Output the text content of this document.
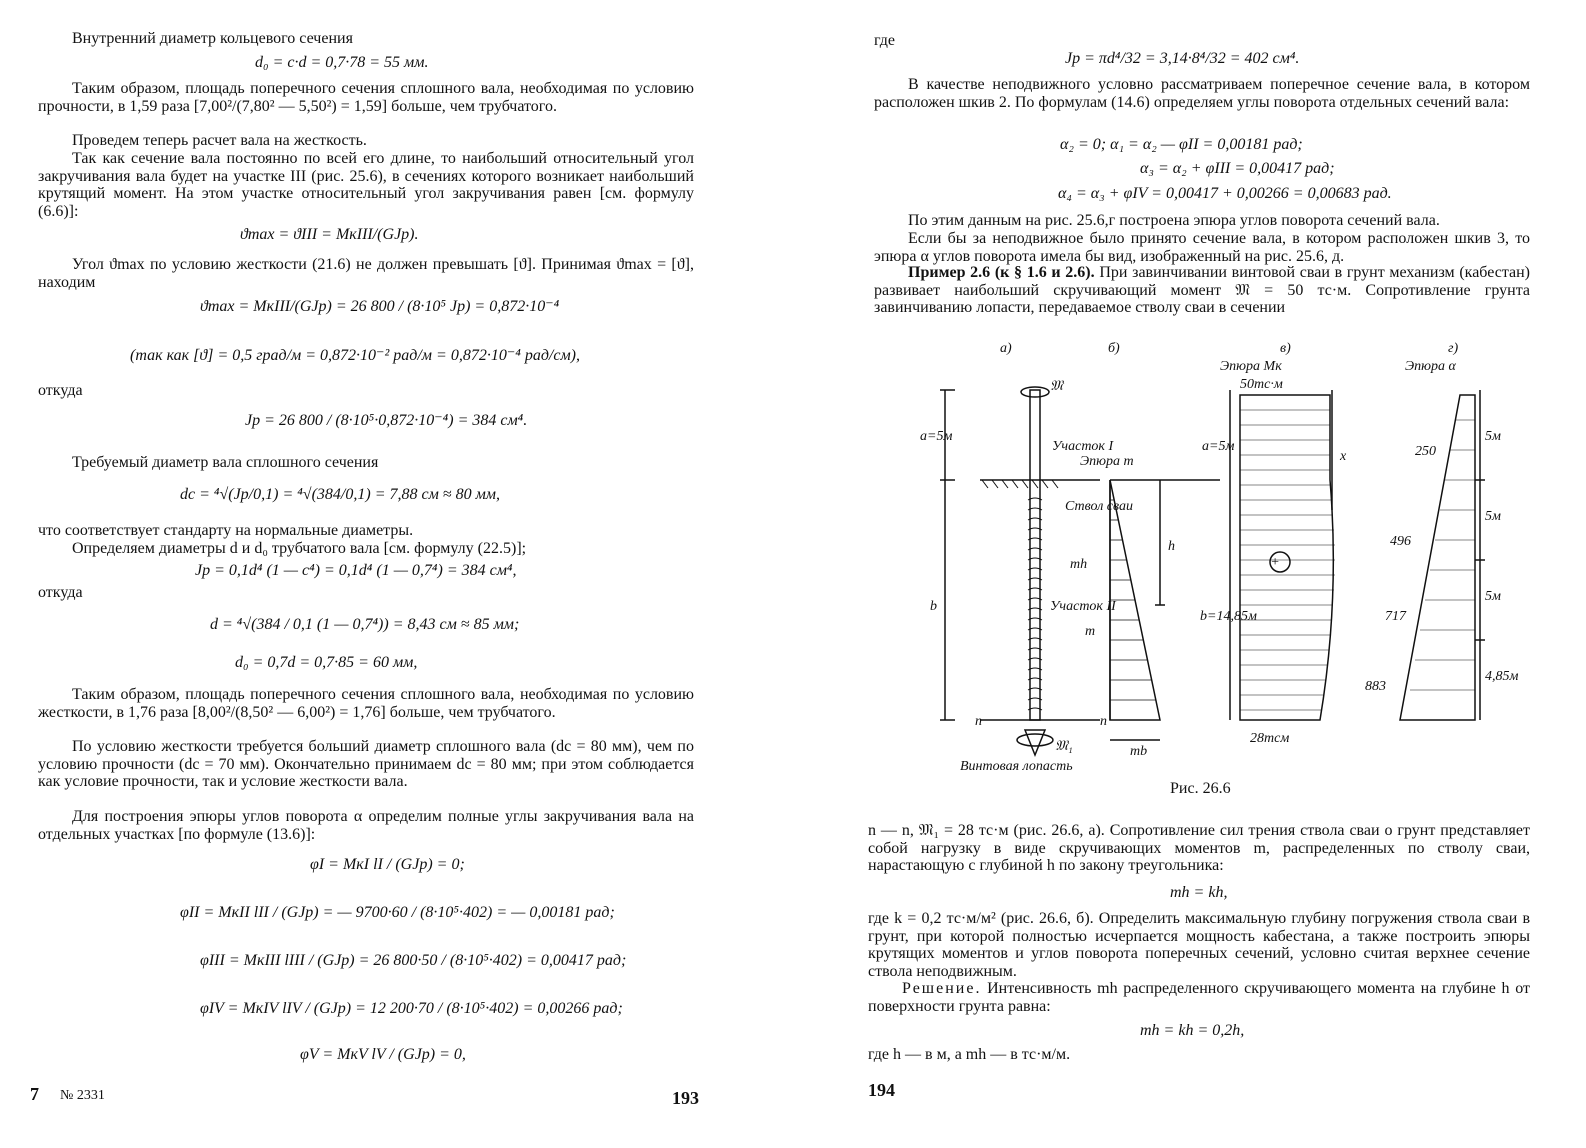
Внутренний диаметр кольцевого сечения
d₀ = c·d = 0,7·78 = 55 мм.
Таким образом, площадь поперечного сечения сплошного вала, необходимая по условию прочности, в 1,59 раза [7,00²/(7,80² — 5,50²) = 1,59] больше, чем трубчатого.
Проведем теперь расчет вала на жесткость.
Так как сечение вала постоянно по всей его длине, то наибольший относительный угол закручивания вала будет на участке III (рис. 25.6), в сечениях которого возникает наибольший крутящий момент. На этом участке относительный угол закручивания равен [см. формулу (6.6)]:
ϑmax = ϑIII = MкIII/(GJp).
Угол ϑmax по условию жесткости (21.6) не должен превышать [ϑ]. Принимая ϑmax = [ϑ], находим
ϑmax = MкIII/(GJp) = 26 800 / (8·10⁵ Jp) = 0,872·10⁻⁴
(так как [ϑ] = 0,5 град/м = 0,872·10⁻² рад/м = 0,872·10⁻⁴ рад/см),
откуда
Jp = 26 800 / (8·10⁵·0,872·10⁻⁴) = 384 см⁴.
Требуемый диаметр вала сплошного сечения
dс = ⁴√(Jp/0,1) = ⁴√(384/0,1) = 7,88 см ≈ 80 мм,
что соответствует стандарту на нормальные диаметры.
Определяем диаметры d и d₀ трубчатого вала [см. формулу (22.5)];
Jp = 0,1d⁴ (1 — c⁴) = 0,1d⁴ (1 — 0,7⁴) = 384 см⁴,
откуда
d = ⁴√(384 / 0,1 (1 — 0,7⁴)) = 8,43 см ≈ 85 мм;
d₀ = 0,7d = 0,7·85 = 60 мм,
Таким образом, площадь поперечного сечения сплошного вала, необходимая по условию жесткости, в 1,76 раза [8,00²/(8,50² — 6,00²) = 1,76] больше, чем трубчатого.
По условию жесткости требуется больший диаметр сплошного вала (dс = 80 мм), чем по условию прочности (dс = 70 мм). Окончательно принимаем dс = 80 мм; при этом соблюдается как условие прочности, так и условие жесткости вала.
Для построения эпюры углов поворота α определим полные углы закручивания вала на отдельных участках [по формуле (13.6)]:
φI = MкI lI / (GJp) = 0;
φII = MкII lII / (GJp) = — 9700·60 / (8·10⁵·402) = — 0,00181 рад;
φIII = MкIII lIII / (GJp) = 26 800·50 / (8·10⁵·402) = 0,00417 рад;
φIV = MкIV lIV / (GJp) = 12 200·70 / (8·10⁵·402) = 0,00266 рад;
φV = MкV lV / (GJp) = 0,
7 № 2331	193
где
Jp = πd⁴/32 = 3,14·8⁴/32 = 402 см⁴.
В качестве неподвижного условно рассматриваем поперечное сечение вала, в котором расположен шкив 2. По формулам (14.6) определяем углы поворота отдельных сечений вала:
α₂ = 0; α₁ = α₂ — φII = 0,00181 рад;
α₃ = α₂ + φIII = 0,00417 рад;
α₄ = α₃ + φIV = 0,00417 + 0,00266 = 0,00683 рад.
По этим данным на рис. 25.6,г построена эпюра углов поворота сечений вала.
Если бы за неподвижное было принято сечение вала, в котором расположен шкив 3, то эпюра α углов поворота имела бы вид, изображенный на рис. 25.6, д.
Пример 2.6 (к § 1.6 и 2.6). При завинчивании винтовой сваи в грунт механизм (кабестан) развивает наибольший скручивающий момент 𝔐 = 50 тс·м. Сопротивление грунта завинчиванию лопасти, передаваемое стволу сваи в сечении
а)	б)	в)	г)
Эпюра Mк
50тс·м
Эпюра α
Эпюра m
𝔐
𝔐₁
a=5м
b
a=5м
b=14,85м
x
h
Участок I
Участок II
Ствол сваи
mh
mb
m
n	n
Винтовая лопасть
+
28тсм
250
496
717
883
5м
5м
5м
4,85м
Рис. 26.6
n — n, 𝔐₁ = 28 тс·м (рис. 26.6, а). Сопротивление сил трения ствола сваи о грунт представляет собой нагрузку в виде скручивающих моментов m, распределенных по стволу сваи, нарастающую с глубиной h по закону треугольника:
mh = kh,
где k = 0,2 тс·м/м² (рис. 26.6, б). Определить максимальную глубину погружения ствола сваи в грунт, при которой полностью исчерпается мощность кабестана, а также построить эпюры крутящих моментов и углов поворота поперечных сечений, условно считая верхнее сечение ствола неподвижным.
Решение. Интенсивность mh распределенного скручивающего момента на глубине h от поверхности грунта равна:
mh = kh = 0,2h,
где h — в м, а mh — в тс·м/м.
194
